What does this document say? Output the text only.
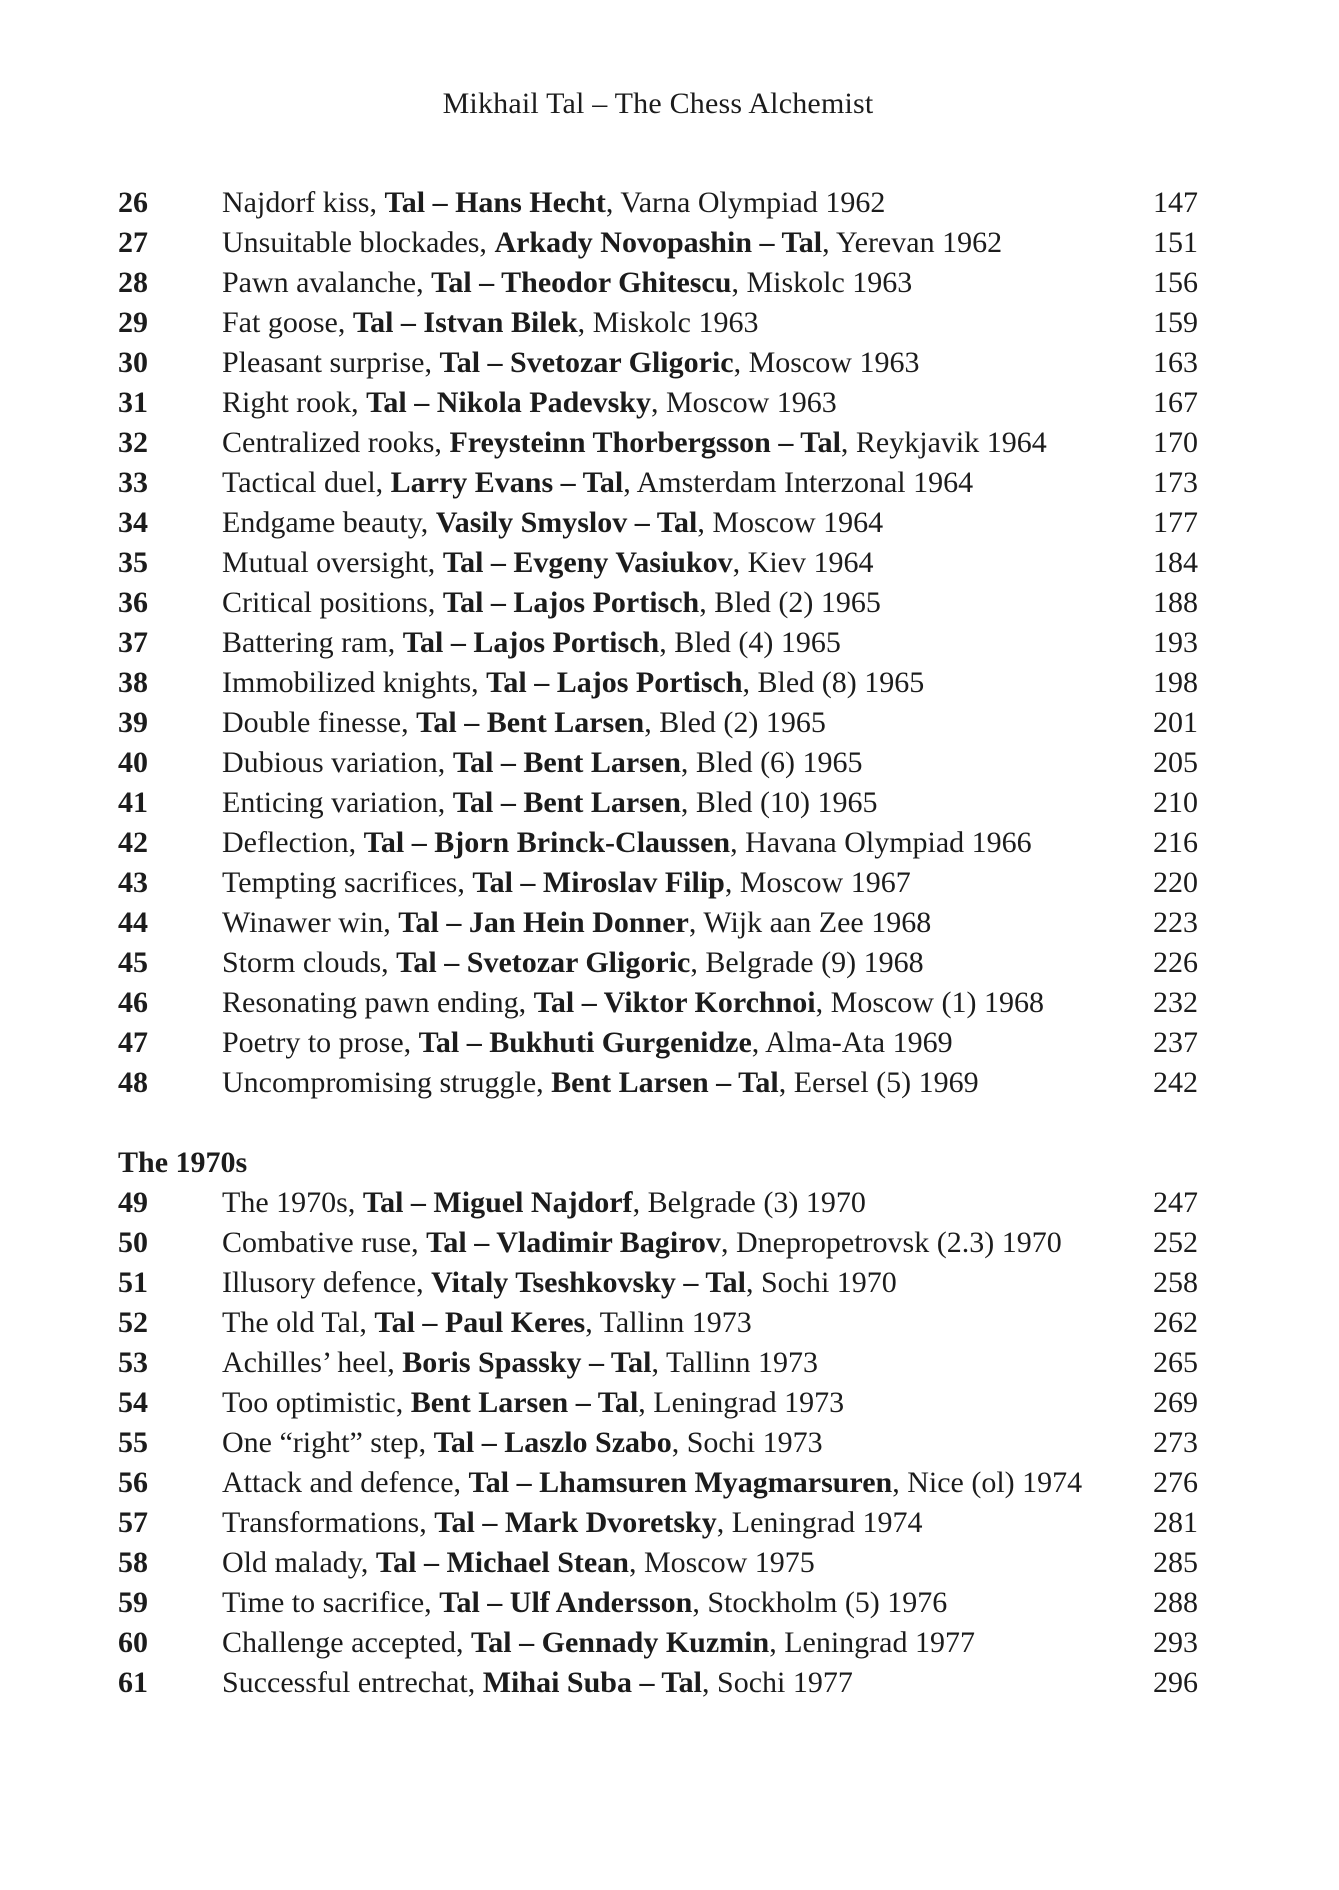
Mikhail Tal – The Chess Alchemist
26	Najdorf kiss, Tal – Hans Hecht, Varna Olympiad 1962	147
27	Unsuitable blockades, Arkady Novopashin – Tal, Yerevan 1962	151
28	Pawn avalanche, Tal – Theodor Ghitescu, Miskolc 1963	156
29	Fat goose, Tal – Istvan Bilek, Miskolc 1963	159
30	Pleasant surprise, Tal – Svetozar Gligoric, Moscow 1963	163
31	Right rook, Tal – Nikola Padevsky, Moscow 1963	167
32	Centralized rooks, Freysteinn Thorbergsson – Tal, Reykjavik 1964	170
33	Tactical duel, Larry Evans – Tal, Amsterdam Interzonal 1964	173
34	Endgame beauty, Vasily Smyslov – Tal, Moscow 1964	177
35	Mutual oversight, Tal – Evgeny Vasiukov, Kiev 1964	184
36	Critical positions, Tal – Lajos Portisch, Bled (2) 1965	188
37	Battering ram, Tal – Lajos Portisch, Bled (4) 1965	193
38	Immobilized knights, Tal – Lajos Portisch, Bled (8) 1965	198
39	Double finesse, Tal – Bent Larsen, Bled (2) 1965	201
40	Dubious variation, Tal – Bent Larsen, Bled (6) 1965	205
41	Enticing variation, Tal – Bent Larsen, Bled (10) 1965	210
42	Deflection, Tal – Bjorn Brinck-Claussen, Havana Olympiad 1966	216
43	Tempting sacrifices, Tal – Miroslav Filip, Moscow 1967	220
44	Winawer win, Tal – Jan Hein Donner, Wijk aan Zee 1968	223
45	Storm clouds, Tal – Svetozar Gligoric, Belgrade (9) 1968	226
46	Resonating pawn ending, Tal – Viktor Korchnoi, Moscow (1) 1968	232
47	Poetry to prose, Tal – Bukhuti Gurgenidze, Alma-Ata 1969	237
48	Uncompromising struggle, Bent Larsen – Tal, Eersel (5) 1969	242
The 1970s
49	The 1970s, Tal – Miguel Najdorf, Belgrade (3) 1970	247
50	Combative ruse, Tal – Vladimir Bagirov, Dnepropetrovsk (2.3) 1970	252
51	Illusory defence, Vitaly Tseshkovsky – Tal, Sochi 1970	258
52	The old Tal, Tal – Paul Keres, Tallinn 1973	262
53	Achilles’ heel, Boris Spassky – Tal, Tallinn 1973	265
54	Too optimistic, Bent Larsen – Tal, Leningrad 1973	269
55	One “right” step, Tal – Laszlo Szabo, Sochi 1973	273
56	Attack and defence, Tal – Lhamsuren Myagmarsuren, Nice (ol) 1974	276
57	Transformations, Tal – Mark Dvoretsky, Leningrad 1974	281
58	Old malady, Tal – Michael Stean, Moscow 1975	285
59	Time to sacrifice, Tal – Ulf Andersson, Stockholm (5) 1976	288
60	Challenge accepted, Tal – Gennady Kuzmin, Leningrad 1977	293
61	Successful entrechat, Mihai Suba – Tal, Sochi 1977	296
